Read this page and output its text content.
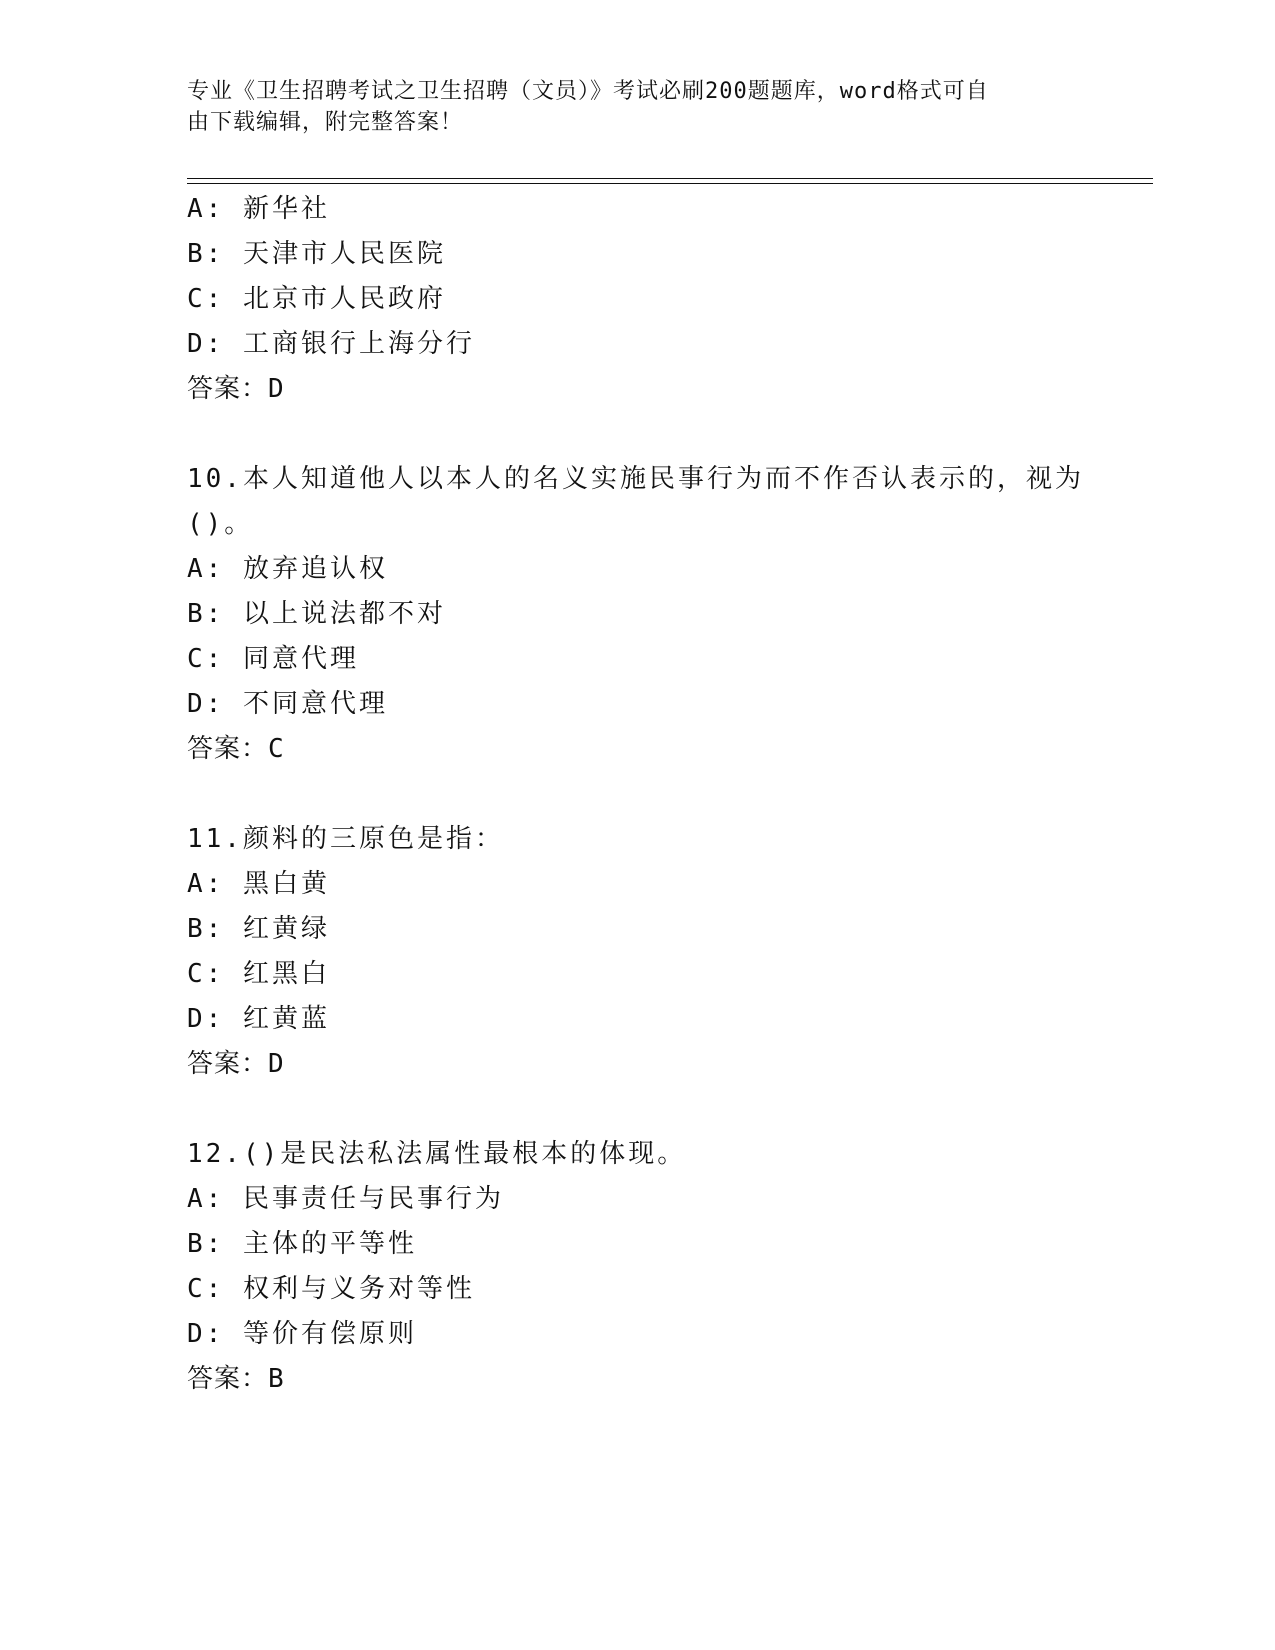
专业《卫生招聘考试之卫生招聘（文员）》考试必刷200题题库，word格式可自
由下载编辑，附完整答案！
A: 新华社
B: 天津市人民医院
C: 北京市人民政府
D: 工商银行上海分行
答案：D
10.本人知道他人以本人的名义实施民事行为而不作否认表示的，视为
()。
A: 放弃追认权
B: 以上说法都不对
C: 同意代理
D: 不同意代理
答案：C
11.颜料的三原色是指：
A: 黑白黄
B: 红黄绿
C: 红黑白
D: 红黄蓝
答案：D
12.()是民法私法属性最根本的体现。
A: 民事责任与民事行为
B: 主体的平等性
C: 权利与义务对等性
D: 等价有偿原则
答案：B
